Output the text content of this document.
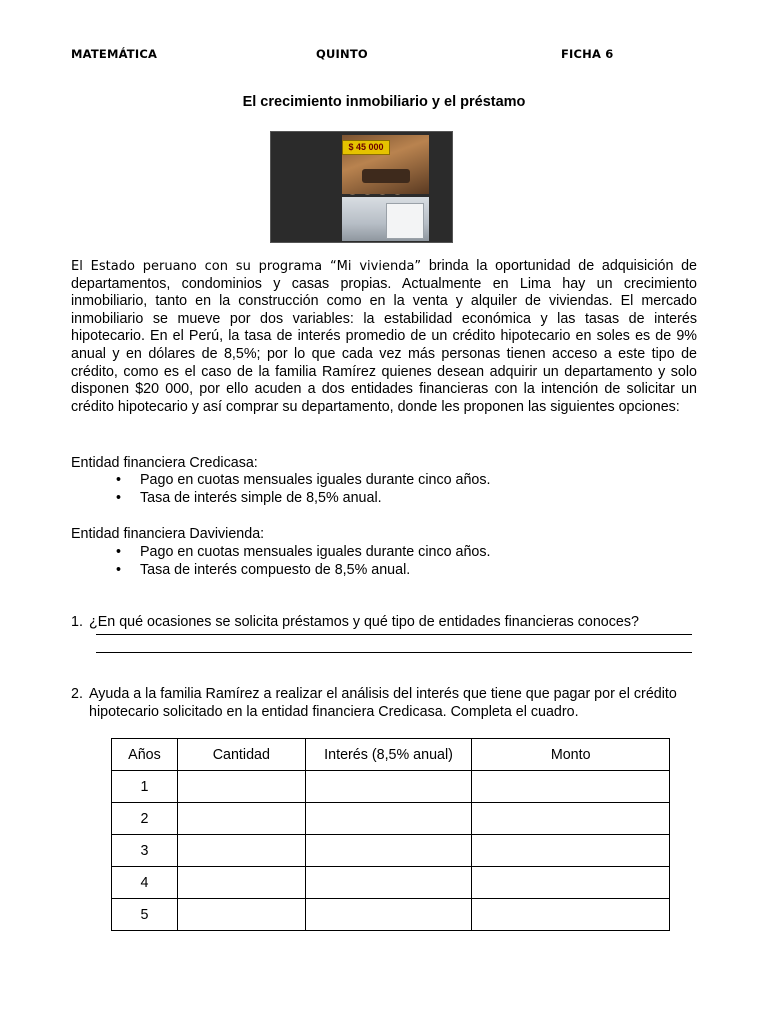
MATEMÁTICA	QUINTO	FICHA 6
El crecimiento inmobiliario y el préstamo
$ 45 000

El Estado peruano con su programa “Mi vivienda” brinda la oportunidad de adquisición de departamentos, condominios y casas propias. Actualmente en Lima hay un crecimiento inmobiliario, tanto en la construcción como en la venta y alquiler de viviendas. El mercado inmobiliario se mueve por dos variables: la estabilidad económica y las tasas de interés hipotecario. En el Perú, la tasa de interés promedio de un crédito hipotecario en soles es de 9% anual y en dólares de 8,5%; por lo que cada vez más personas tienen acceso a este tipo de crédito, como es el caso de la familia Ramírez quienes desean adquirir un departamento y solo disponen $20 000, por ello acuden a dos entidades financieras con la intención de solicitar un crédito hipotecario y así comprar su departamento, donde les proponen las siguientes opciones:

Entidad financiera Credicasa:
• Pago en cuotas mensuales iguales durante cinco años.
• Tasa de interés simple de 8,5% anual.
Entidad financiera Davivienda:
• Pago en cuotas mensuales iguales durante cinco años.
• Tasa de interés compuesto de 8,5% anual.
1. ¿En qué ocasiones se solicita préstamos y qué tipo de entidades financieras conoces?
2. Ayuda a la familia Ramírez a realizar el análisis del interés que tiene que pagar por el crédito
hipotecario solicitado en la entidad financiera Credicasa. Completa el cuadro.
Años	Cantidad	Interés (8,5% anual)	Monto
1			
2			
3			
4			
5			
